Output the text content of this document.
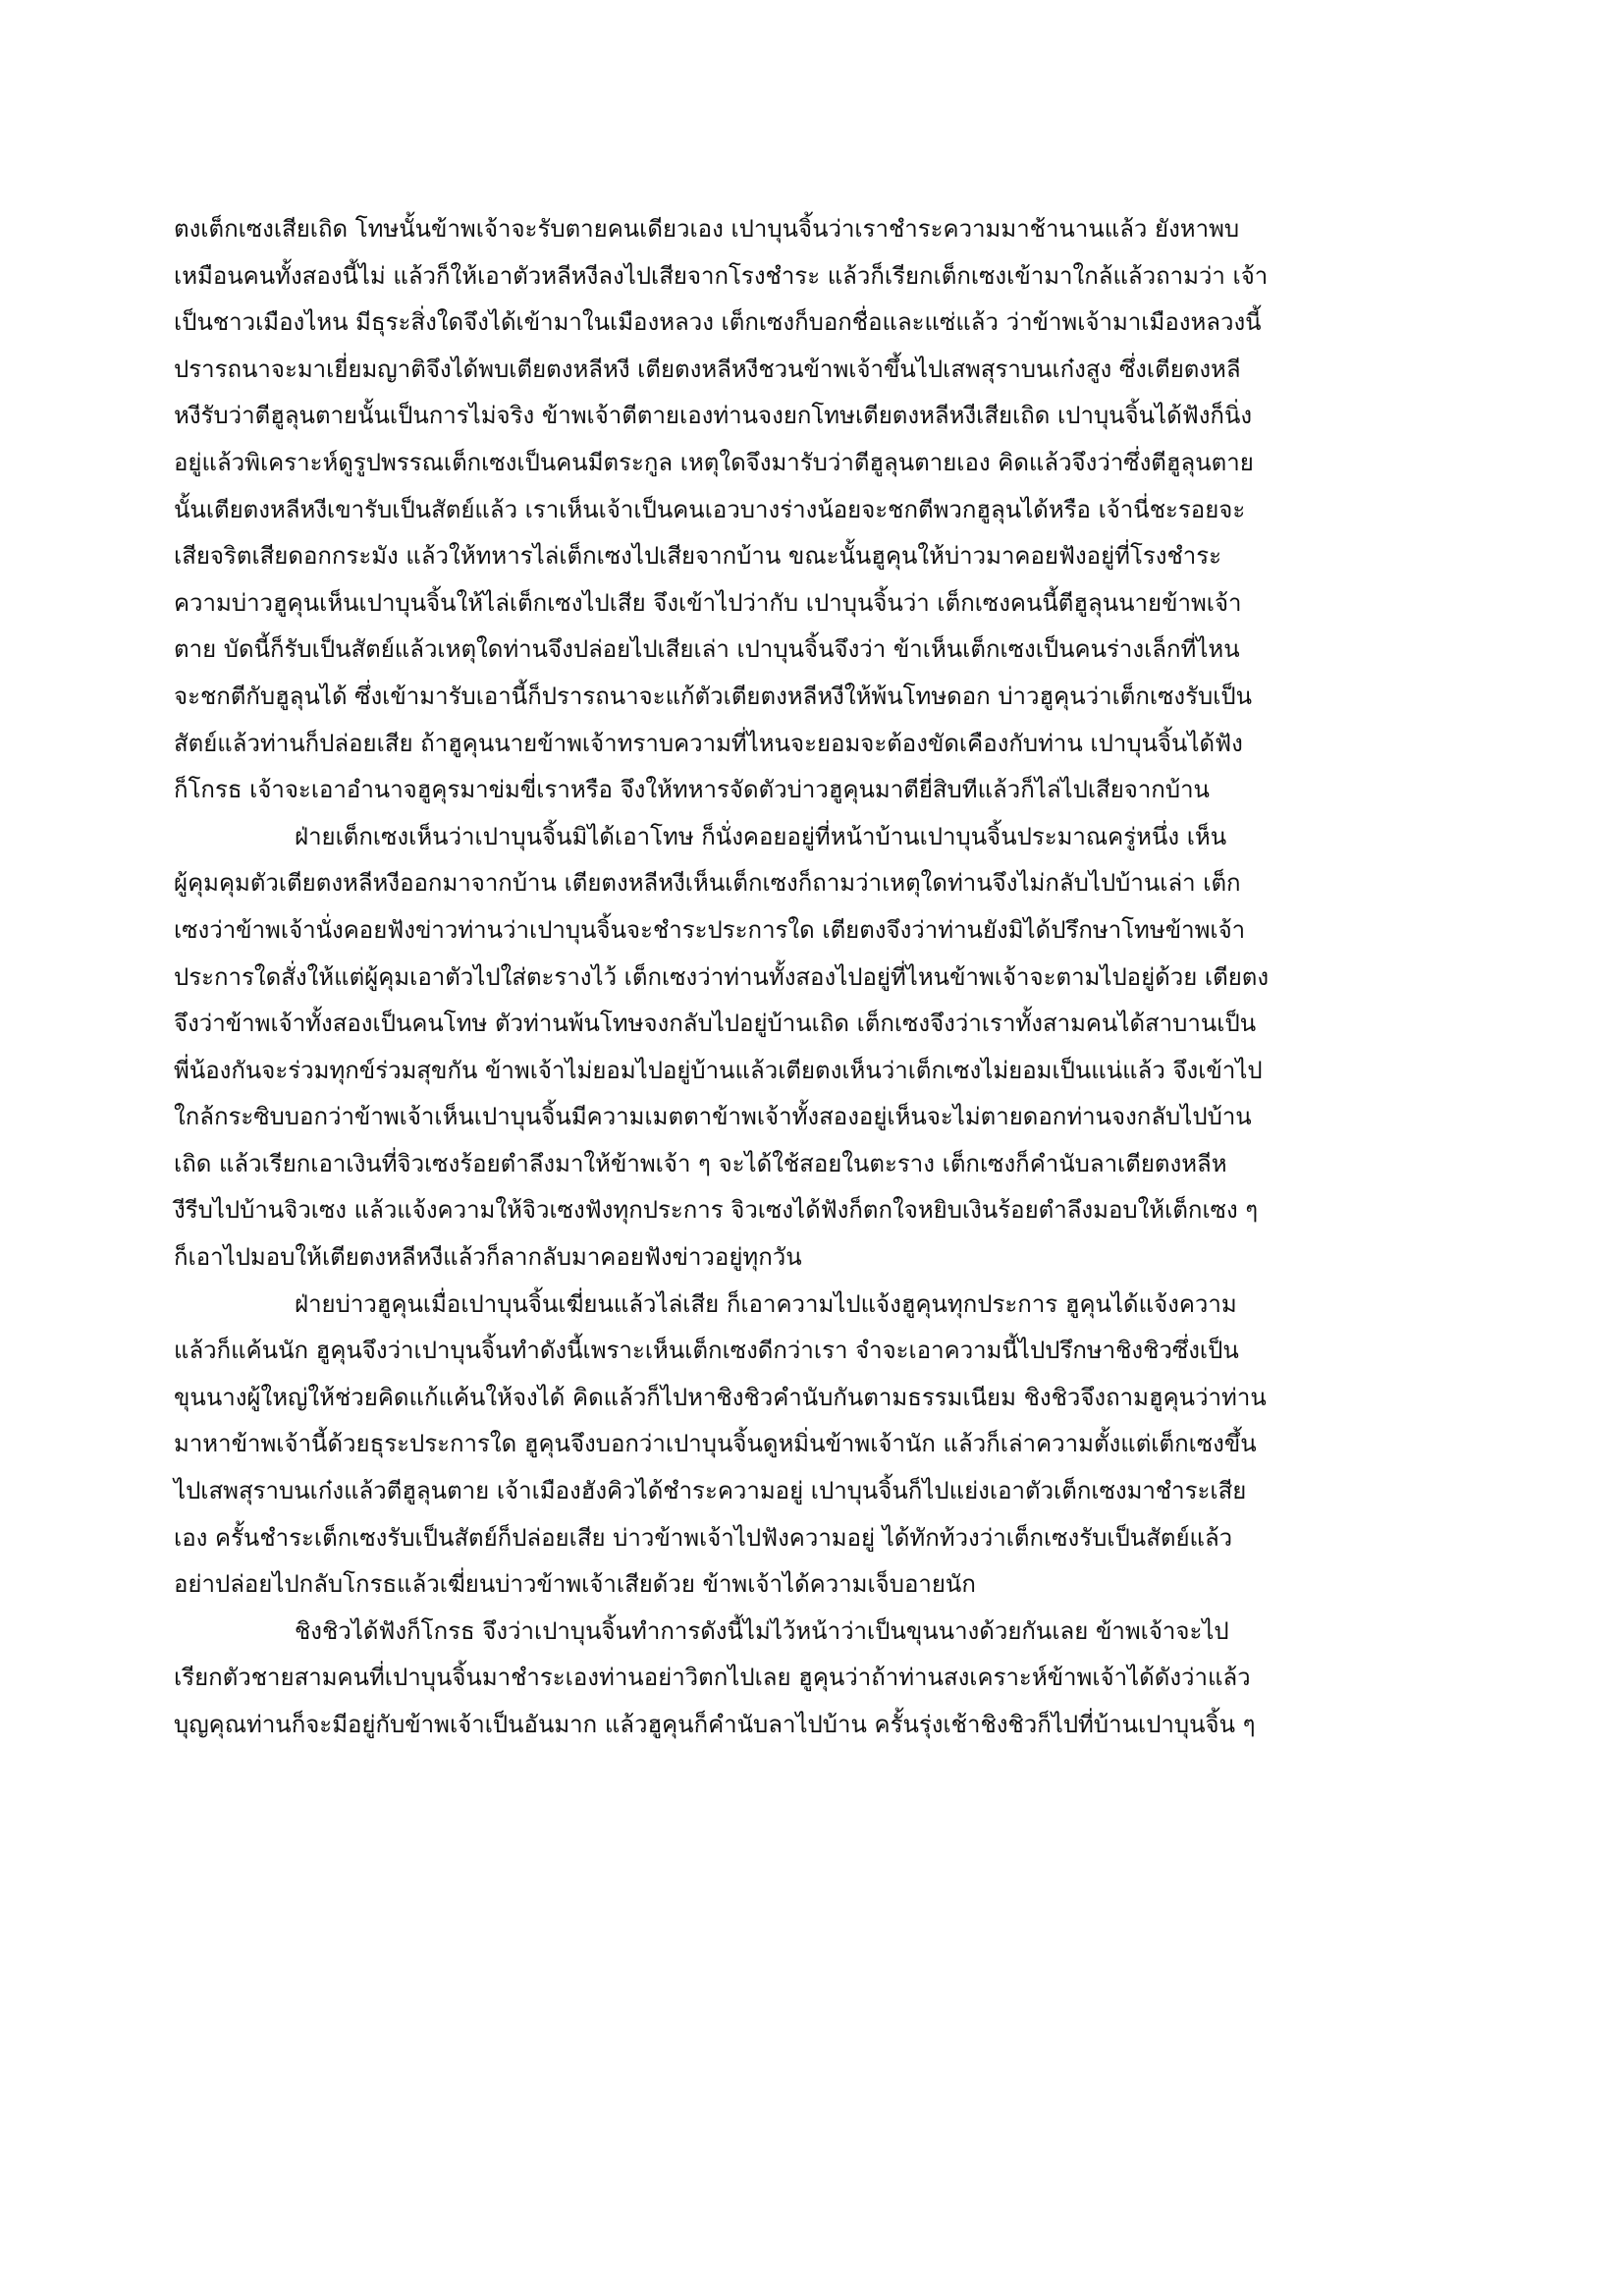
ตงเต็กเซงเสียเถิด โทษนั้นข้าพเจ้าจะรับตายคนเดียวเอง เปาบุนจิ้นว่าเราชำระความมาช้านานแล้ว ยังหาพบ
เหมือนคนทั้งสองนี้ไม่ แล้วก็ให้เอาตัวหลีหงีลงไปเสียจากโรงชำระ แล้วก็เรียกเต็กเซงเข้ามาใกล้แล้วถามว่า เจ้า
เป็นชาวเมืองไหน มีธุระสิ่งใดจึงได้เข้ามาในเมืองหลวง เต็กเซงก็บอกชื่อและแซ่แล้ว ว่าข้าพเจ้ามาเมืองหลวงนี้
ปรารถนาจะมาเยี่ยมญาติจึงได้พบเตียตงหลีหงี เตียตงหลีหงีชวนข้าพเจ้าขึ้นไปเสพสุราบนเก๋งสูง ซึ่งเตียตงหลี
หงีรับว่าตีฮูลุนตายนั้นเป็นการไม่จริง ข้าพเจ้าตีตายเองท่านจงยกโทษเตียตงหลีหงีเสียเถิด เปาบุนจิ้นได้ฟังก็นิ่ง
อยู่แล้วพิเคราะห์ดูรูปพรรณเต็กเซงเป็นคนมีตระกูล เหตุใดจึงมารับว่าตีฮูลุนตายเอง คิดแล้วจึงว่าซึ่งตีฮูลุนตาย
นั้นเตียตงหลีหงีเขารับเป็นสัตย์แล้ว เราเห็นเจ้าเป็นคนเอวบางร่างน้อยจะชกตีพวกฮูลุนได้หรือ เจ้านี่ชะรอยจะ
เสียจริตเสียดอกกระมัง แล้วให้ทหารไล่เต็กเซงไปเสียจากบ้าน ขณะนั้นฮูคุนให้บ่าวมาคอยฟังอยู่ที่โรงชำระ
ความบ่าวฮูคุนเห็นเปาบุนจิ้นให้ไล่เต็กเซงไปเสีย จึงเข้าไปว่ากับ เปาบุนจิ้นว่า เต็กเซงคนนี้ตีฮูลุนนายข้าพเจ้า
ตาย บัดนี้ก็รับเป็นสัตย์แล้วเหตุใดท่านจึงปล่อยไปเสียเล่า เปาบุนจิ้นจึงว่า ข้าเห็นเต็กเซงเป็นคนร่างเล็กที่ไหน
จะชกตีกับฮูลุนได้ ซึ่งเข้ามารับเอานี้ก็ปรารถนาจะแก้ตัวเตียตงหลีหงีให้พ้นโทษดอก บ่าวฮูคุนว่าเต็กเซงรับเป็น
สัตย์แล้วท่านก็ปล่อยเสีย ถ้าฮูคุนนายข้าพเจ้าทราบความที่ไหนจะยอมจะต้องขัดเคืองกับท่าน เปาบุนจิ้นได้ฟัง
ก็โกรธ เจ้าจะเอาอำนาจฮูคุรมาข่มขี่เราหรือ จึงให้ทหารจัดตัวบ่าวฮูคุนมาตียี่สิบทีแล้วก็ไล่ไปเสียจากบ้าน

ฝ่ายเต็กเซงเห็นว่าเปาบุนจิ้นมิได้เอาโทษ ก็นั่งคอยอยู่ที่หน้าบ้านเปาบุนจิ้นประมาณครู่หนึ่ง เห็น
ผู้คุมคุมตัวเตียตงหลีหงีออกมาจากบ้าน เตียตงหลีหงีเห็นเต็กเซงก็ถามว่าเหตุใดท่านจึงไม่กลับไปบ้านเล่า เต็ก
เซงว่าข้าพเจ้านั่งคอยฟังข่าวท่านว่าเปาบุนจิ้นจะชำระประการใด เตียตงจึงว่าท่านยังมิได้ปรึกษาโทษข้าพเจ้า
ประการใดสั่งให้แต่ผู้คุมเอาตัวไปใส่ตะรางไว้ เต็กเซงว่าท่านทั้งสองไปอยู่ที่ไหนข้าพเจ้าจะตามไปอยู่ด้วย เตียตง
จึงว่าข้าพเจ้าทั้งสองเป็นคนโทษ ตัวท่านพ้นโทษจงกลับไปอยู่บ้านเถิด เต็กเซงจึงว่าเราทั้งสามคนได้สาบานเป็น
พี่น้องกันจะร่วมทุกข์ร่วมสุขกัน ข้าพเจ้าไม่ยอมไปอยู่บ้านแล้วเตียตงเห็นว่าเต็กเซงไม่ยอมเป็นแน่แล้ว จึงเข้าไป
ใกล้กระซิบบอกว่าข้าพเจ้าเห็นเปาบุนจิ้นมีความเมตตาข้าพเจ้าทั้งสองอยู่เห็นจะไม่ตายดอกท่านจงกลับไปบ้าน
เถิด แล้วเรียกเอาเงินที่จิวเซงร้อยตำลึงมาให้ข้าพเจ้า ๆ จะได้ใช้สอยในตะราง เต็กเซงก็คำนับลาเตียตงหลีห
งีรีบไปบ้านจิวเซง แล้วแจ้งความให้จิวเซงฟังทุกประการ จิวเซงได้ฟังก็ตกใจหยิบเงินร้อยตำลึงมอบให้เต็กเซง ๆ
ก็เอาไปมอบให้เตียตงหลีหงีแล้วก็ลากลับมาคอยฟังข่าวอยู่ทุกวัน

ฝ่ายบ่าวฮูคุนเมื่อเปาบุนจิ้นเฆี่ยนแล้วไล่เสีย ก็เอาความไปแจ้งฮูคุนทุกประการ ฮูคุนได้แจ้งความ
แล้วก็แค้นนัก ฮูคุนจึงว่าเปาบุนจิ้นทำดังนี้เพราะเห็นเต็กเซงดีกว่าเรา จำจะเอาความนี้ไปปรึกษาชิงชิวซึ่งเป็น
ขุนนางผู้ใหญ่ให้ช่วยคิดแก้แค้นให้จงได้ คิดแล้วก็ไปหาชิงชิวคำนับกันตามธรรมเนียม ชิงชิวจึงถามฮูคุนว่าท่าน
มาหาข้าพเจ้านี้ด้วยธุระประการใด ฮูคุนจึงบอกว่าเปาบุนจิ้นดูหมิ่นข้าพเจ้านัก แล้วก็เล่าความตั้งแต่เต็กเซงขึ้น
ไปเสพสุราบนเก๋งแล้วตีฮูลุนตาย เจ้าเมืองฮังคิวได้ชำระความอยู่ เปาบุนจิ้นก็ไปแย่งเอาตัวเต็กเซงมาชำระเสีย
เอง ครั้นชำระเต็กเซงรับเป็นสัตย์ก็ปล่อยเสีย บ่าวข้าพเจ้าไปฟังความอยู่ ได้ทักท้วงว่าเต็กเซงรับเป็นสัตย์แล้ว
อย่าปล่อยไปกลับโกรธแล้วเฆี่ยนบ่าวข้าพเจ้าเสียด้วย ข้าพเจ้าได้ความเจ็บอายนัก

ชิงชิวได้ฟังก็โกรธ จึงว่าเปาบุนจิ้นทำการดังนี้ไม่ไว้หน้าว่าเป็นขุนนางด้วยกันเลย ข้าพเจ้าจะไป
เรียกตัวชายสามคนที่เปาบุนจิ้นมาชำระเองท่านอย่าวิตกไปเลย ฮูคุนว่าถ้าท่านสงเคราะห์ข้าพเจ้าได้ดังว่าแล้ว
บุญคุณท่านก็จะมีอยู่กับข้าพเจ้าเป็นอันมาก แล้วฮูคุนก็คำนับลาไปบ้าน ครั้นรุ่งเช้าชิงชิวก็ไปที่บ้านเปาบุนจิ้น ๆ
